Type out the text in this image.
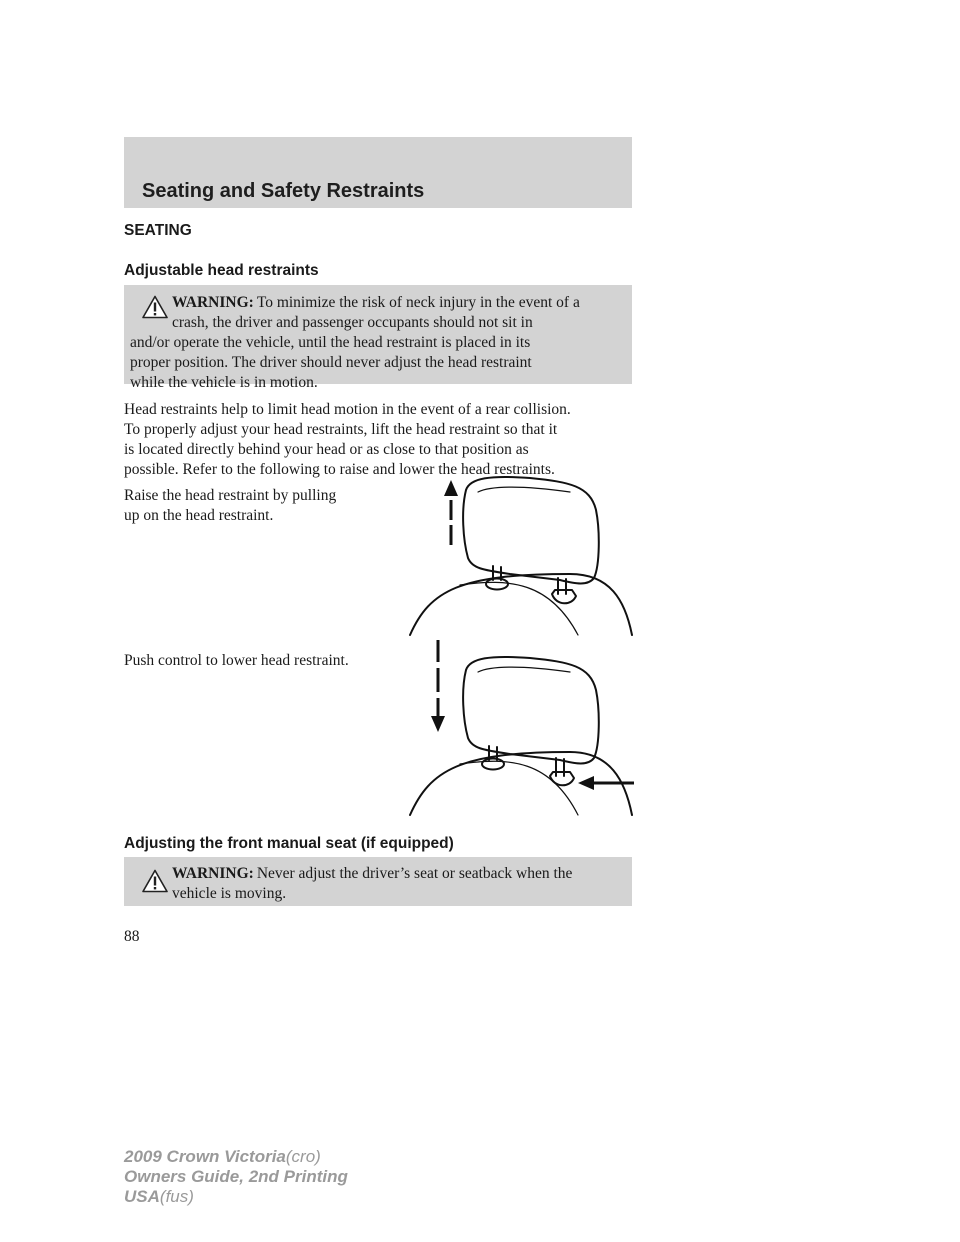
Seating and Safety Restraints
SEATING
Adjustable head restraints
WARNING: To minimize the risk of neck injury in the event of a
crash, the driver and passenger occupants should not sit in
and/or operate the vehicle, until the head restraint is placed in its
proper position. The driver should never adjust the head restraint
while the vehicle is in motion.
Head restraints help to limit head motion in the event of a rear collision.
To properly adjust your head restraints, lift the head restraint so that it
is located directly behind your head or as close to that position as
possible. Refer to the following to raise and lower the head restraints.
Raise the head restraint by pulling
up on the head restraint.
Push control to lower head restraint.
Adjusting the front manual seat (if equipped)
WARNING: Never adjust the driver’s seat or seatback when the
vehicle is moving.
88
2009 Crown Victoria(cro)
Owners Guide, 2nd Printing
USA(fus)
